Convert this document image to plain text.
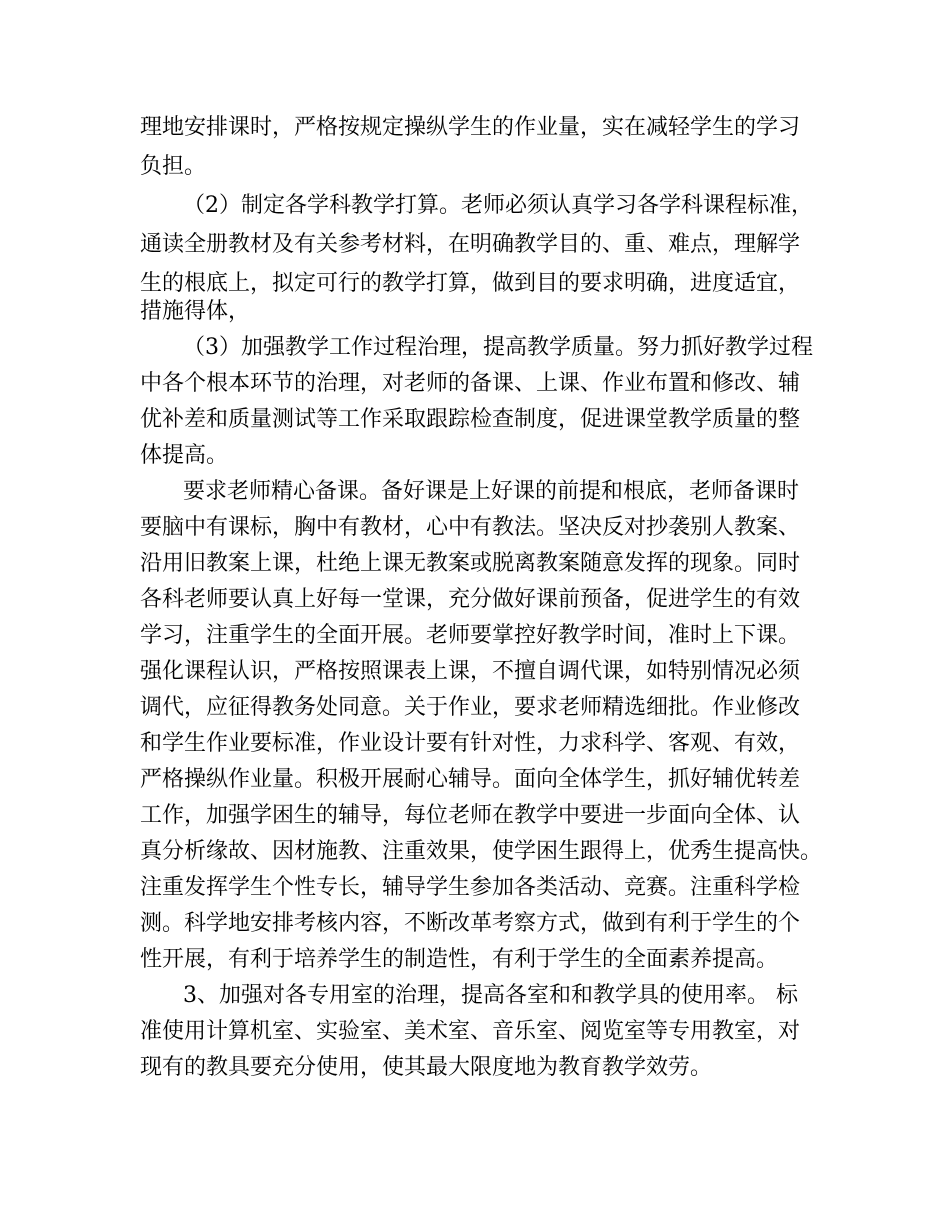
理地安排课时，严格按规定操纵学生的作业量，实在减轻学生的学习

负担。

（2）制定各学科教学打算。老师必须认真学习各学科课程标准，

通读全册教材及有关参考材料，在明确教学目的、重、难点，理解学

生的根底上，拟定可行的教学打算，做到目的要求明确，进度适宜，

措施得体，

（3）加强教学工作过程治理，提高教学质量。努力抓好教学过程

中各个根本环节的治理，对老师的备课、上课、作业布置和修改、辅

优补差和质量测试等工作采取跟踪检查制度，促进课堂教学质量的整

体提高。

要求老师精心备课。备好课是上好课的前提和根底，老师备课时

要脑中有课标，胸中有教材，心中有教法。坚决反对抄袭别人教案、

沿用旧教案上课，杜绝上课无教案或脱离教案随意发挥的现象。同时

各科老师要认真上好每一堂课，充分做好课前预备，促进学生的有效

学习，注重学生的全面开展。老师要掌控好教学时间，准时上下课。

强化课程认识，严格按照课表上课，不擅自调代课，如特别情况必须

调代，应征得教务处同意。关于作业，要求老师精选细批。作业修改

和学生作业要标准，作业设计要有针对性，力求科学、客观、有效，

严格操纵作业量。积极开展耐心辅导。面向全体学生，抓好辅优转差

工作，加强学困生的辅导，每位老师在教学中要进一步面向全体、认

真分析缘故、因材施教、注重效果，使学困生跟得上，优秀生提高快。

注重发挥学生个性专长，辅导学生参加各类活动、竞赛。注重科学检

测。科学地安排考核内容，不断改革考察方式，做到有利于学生的个

性开展，有利于培养学生的制造性，有利于学生的全面素养提高。

3、加强对各专用室的治理，提高各室和和教学具的使用率。 标

准使用计算机室、实验室、美术室、音乐室、阅览室等专用教室，对

现有的教具要充分使用，使其最大限度地为教育教学效劳。
